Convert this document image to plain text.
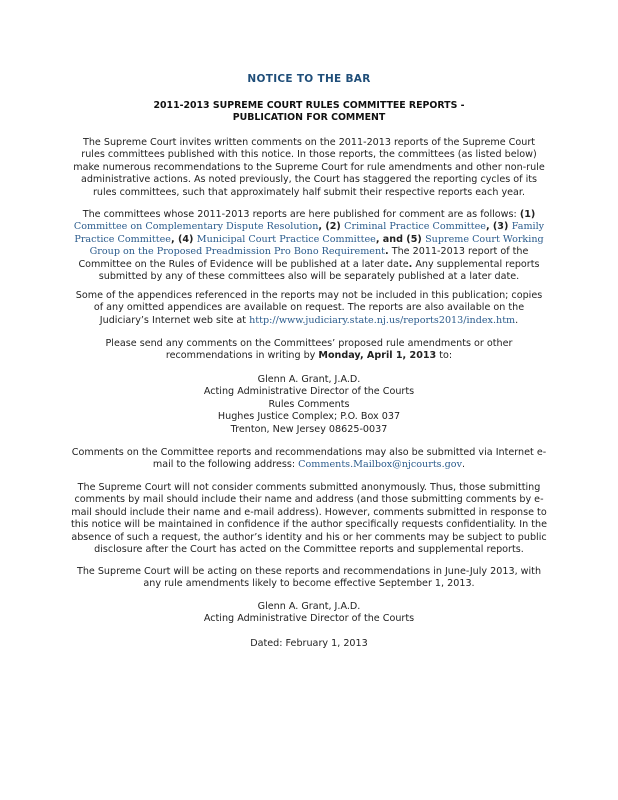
NOTICE TO THE BAR
2011-2013 SUPREME COURT RULES COMMITTEE REPORTS -
PUBLICATION FOR COMMENT

The Supreme Court invites written comments on the 2011-2013 reports of the Supreme Court rules committees published with this notice. In those reports, the committees (as listed below) make numerous recommendations to the Supreme Court for rule amendments and other non-rule administrative actions. As noted previously, the Court has staggered the reporting cycles of its rules committees, such that approximately half submit their respective reports each year.

The committees whose 2011-2013 reports are here published for comment are as follows: (1) Committee on Complementary Dispute Resolution, (2) Criminal Practice Committee, (3) Family Practice Committee, (4) Municipal Court Practice Committee, and (5) Supreme Court Working Group on the Proposed Preadmission Pro Bono Requirement. The 2011-2013 report of the Committee on the Rules of Evidence will be published at a later date. Any supplemental reports submitted by any of these committees also will be separately published at a later date.

Some of the appendices referenced in the reports may not be included in this publication; copies of any omitted appendices are available on request. The reports are also available on the Judiciary’s Internet web site at http://www.judiciary.state.nj.us/reports2013/index.htm.

Please send any comments on the Committees’ proposed rule amendments or other recommendations in writing by Monday, April 1, 2013 to:

Glenn A. Grant, J.A.D.
Acting Administrative Director of the Courts
Rules Comments
Hughes Justice Complex; P.O. Box 037
Trenton, New Jersey 08625-0037

Comments on the Committee reports and recommendations may also be submitted via Internet e-mail to the following address: Comments.Mailbox@njcourts.gov.

The Supreme Court will not consider comments submitted anonymously. Thus, those submitting comments by mail should include their name and address (and those submitting comments by e-mail should include their name and e-mail address). However, comments submitted in response to this notice will be maintained in confidence if the author specifically requests confidentiality. In the absence of such a request, the author’s identity and his or her comments may be subject to public disclosure after the Court has acted on the Committee reports and supplemental reports.

The Supreme Court will be acting on these reports and recommendations in June-July 2013, with any rule amendments likely to become effective September 1, 2013.

Glenn A. Grant, J.A.D.
Acting Administrative Director of the Courts
Dated: February 1, 2013
